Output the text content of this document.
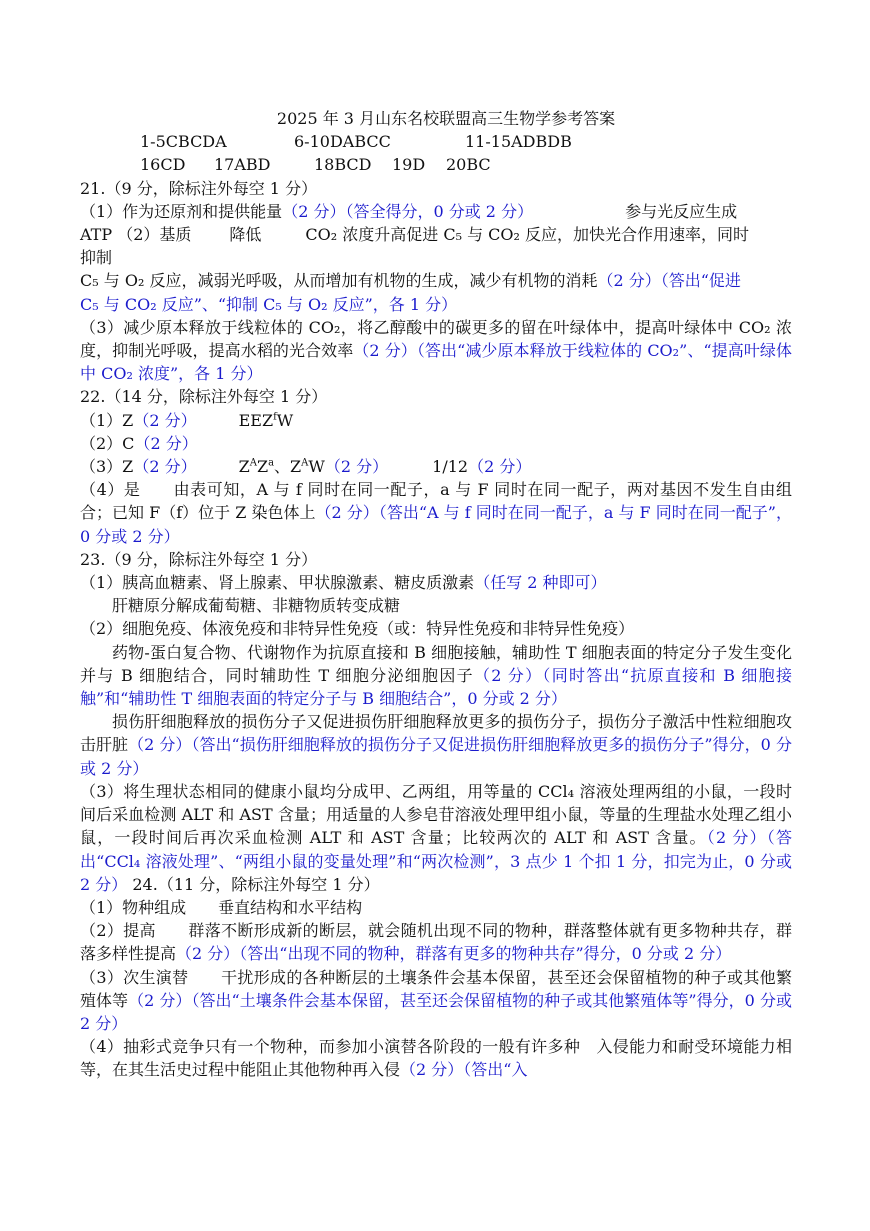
2025 年 3 月山东名校联盟高三生物学参考答案
1-5CBCDA	6-10DABCC	11-15ADBDB
16CD	17ABD	18BCD	19D	20BC
21.（9 分，除标注外每空 1 分）
（1）作为还原剂和提供能量（2 分）（答全得分，0 分或 2 分）	参与光反应生成
ATP （2）基质 降低	CO₂ 浓度升高促进 C₅ 与 CO₂ 反应，加快光合作用速率，同时
抑制
C₅ 与 O₂ 反应，减弱光呼吸，从而增加有机物的生成，减少有机物的消耗（2 分）（答出“促进
C₅ 与 CO₂ 反应”、“抑制 C₅ 与 O₂ 反应”，各 1 分）
（3）减少原本释放于线粒体的 CO₂，将乙醇酸中的碳更多的留在叶绿体中，提高叶绿体中 CO₂ 浓度，抑制光呼吸，提高水稻的光合效率（2 分）（答出“减少原本释放于线粒体的 CO₂”、“提高叶绿体中 CO₂ 浓度”，各 1 分）
22.（14 分，除标注外每空 1 分）
（1）Z（2 分）	EEZ$^f$W
（2）C（2 分）
（3）Z（2 分）	$Z^AZ^a$、$Z^AW(2$ 分）	1/12（2 分）
（4）是　　由表可知，A 与 f 同时在同一配子，a 与 F 同时在同一配子，两对基因不发生自由组合；已知 F（f）位于 Z 染色体上（2 分）（答出“A 与 f 同时在同一配子，a 与 F 同时在同一配子”，0 分或 2 分）
23.（9 分，除标注外每空 1 分）
（1）胰高血糖素、肾上腺素、甲状腺激素、糖皮质激素（任写 2 种即可）
肝糖原分解成葡萄糖、非糖物质转变成糖
（2）细胞免疫、体液免疫和非特异性免疫（或：特异性免疫和非特异性免疫）
药物-蛋白复合物、代谢物作为抗原直接和 B 细胞接触，辅助性 T 细胞表面的特定分子发生变化并与 B 细胞结合，同时辅助性 T 细胞分泌细胞因子（2 分）（同时答出“抗原直接和 B 细胞接触”和“辅助性 T 细胞表面的特定分子与 B 细胞结合”，0 分或 2 分）
损伤肝细胞释放的损伤分子又促进损伤肝细胞释放更多的损伤分子，损伤分子激活中性粒细胞攻击肝脏（2 分）（答出“损伤肝细胞释放的损伤分子又促进损伤肝细胞释放更多的损伤分子”得分，0 分或 2 分）
（3）将生理状态相同的健康小鼠均分成甲、乙两组，用等量的 CCl₄ 溶液处理两组的小鼠，一段时间后采血检测 ALT 和 AST 含量；用适量的人参皂苷溶液处理甲组小鼠，等量的生理盐水处理乙组小鼠，一段时间后再次采血检测 ALT 和 AST 含量；比较两次的 ALT 和 AST 含量。（2 分）（答出“CCl₄ 溶液处理”、“两组小鼠的变量处理”和“两次检测”，3 点少 1 个扣 1 分，扣完为止，0 分或 2 分） 24.（11 分，除标注外每空 1 分）
（1）物种组成　　垂直结构和水平结构
（2）提高　　群落不断形成新的断层，就会随机出现不同的物种，群落整体就有更多物种共存，群落多样性提高（2 分）（答出“出现不同的物种，群落有更多的物种共存”得分，0 分或 2 分）
（3）次生演替　　干扰形成的各种断层的土壤条件会基本保留，甚至还会保留植物的种子或其他繁殖体等（2 分）（答出“土壤条件会基本保留，甚至还会保留植物的种子或其他繁殖体等”得分，0 分或 2 分）
（4）抽彩式竞争只有一个物种，而参加小演替各阶段的一般有许多种　入侵能力和耐受环境能力相等，在其生活史过程中能阻止其他物种再入侵（2 分）（答出“入
